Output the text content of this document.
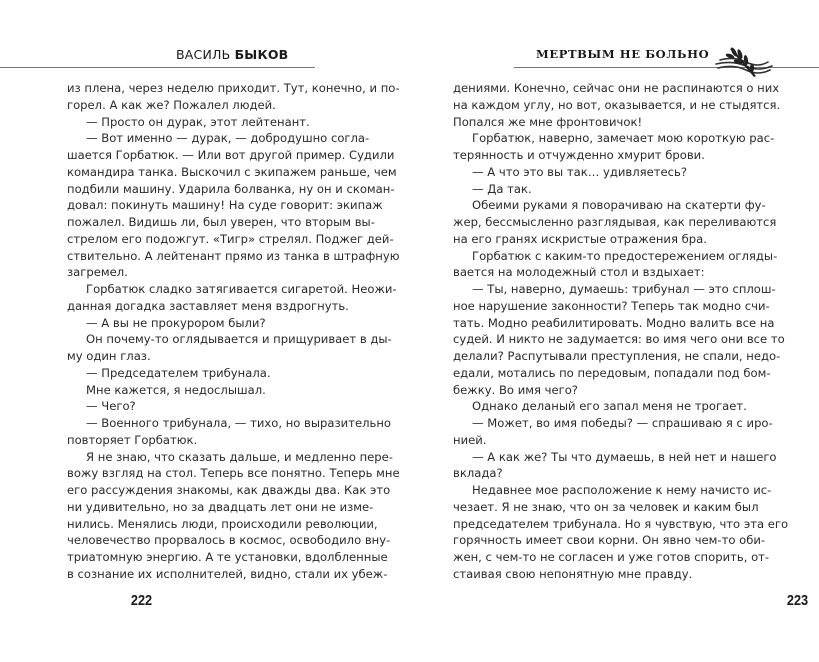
ВАСИЛЬ БЫКОВ
из плена, через неделю приходит. Тут, конечно, и по-
горел. А как же? Пожалел людей.
— Просто он дурак, этот лейтенант.
— Вот именно — дурак, — добродушно согла-
шается Горбатюк. — Или вот другой пример. Судили
командира танка. Выскочил с экипажем раньше, чем
подбили машину. Ударила болванка, ну он и скоман-
довал: покинуть машину! На суде говорит: экипаж
пожалел. Видишь ли, был уверен, что вторым вы-
стрелом его подожгут. «Тигр» стрелял. Поджег дей-
ствительно. А лейтенант прямо из танка в штрафную
загремел.
Горбатюк сладко затягивается сигаретой. Неожи-
данная догадка заставляет меня вздрогнуть.
— А вы не прокурором были?
Он почему-то оглядывается и прищуривает в ды-
му один глаз.
— Председателем трибунала.
Мне кажется, я недослышал.
— Чего?
— Военного трибунала, — тихо, но выразительно
повторяет Горбатюк.
Я не знаю, что сказать дальше, и медленно пере-
вожу взгляд на стол. Теперь все понятно. Теперь мне
его рассуждения знакомы, как дважды два. Как это
ни удивительно, но за двадцать лет они не изме-
нились. Менялись люди, происходили революции,
человечество прорвалось в космос, освободило вну-
триатомную энергию. А те установки, вдолбленные
в сознание их исполнителей, видно, стали их убеж-
222
МЕРТВЫМ НЕ БОЛЬНО
дениями. Конечно, сейчас они не распинаются о них
на каждом углу, но вот, оказывается, и не стыдятся.
Попался же мне фронтовичок!
Горбатюк, наверно, замечает мою короткую рас-
терянность и отчужденно хмурит брови.
— А что это вы так… удивляетесь?
— Да так.
Обеими руками я поворачиваю на скатерти фу-
жер, бессмысленно разглядывая, как переливаются
на его гранях искристые отражения бра.
Горбатюк с каким-то предостережением огляды-
вается на молодежный стол и вздыхает:
— Ты, наверно, думаешь: трибунал — это сплош-
ное нарушение законности? Теперь так модно счи-
тать. Модно реабилитировать. Модно валить все на
судей. И никто не задумается: во имя чего они все то
делали? Распутывали преступления, не спали, недо-
едали, мотались по передовым, попадали под бом-
бежку. Во имя чего?
Однако деланый его запал меня не трогает.
— Может, во имя победы? — спрашиваю я с иро-
нией.
— А как же? Ты что думаешь, в ней нет и нашего
вклада?
Недавнее мое расположение к нему начисто ис-
чезает. Я не знаю, что он за человек и каким был
председателем трибунала. Но я чувствую, что эта его
горячность имеет свои корни. Он явно чем-то оби-
жен, с чем-то не согласен и уже готов спорить, от-
стаивая свою непонятную мне правду.
223
